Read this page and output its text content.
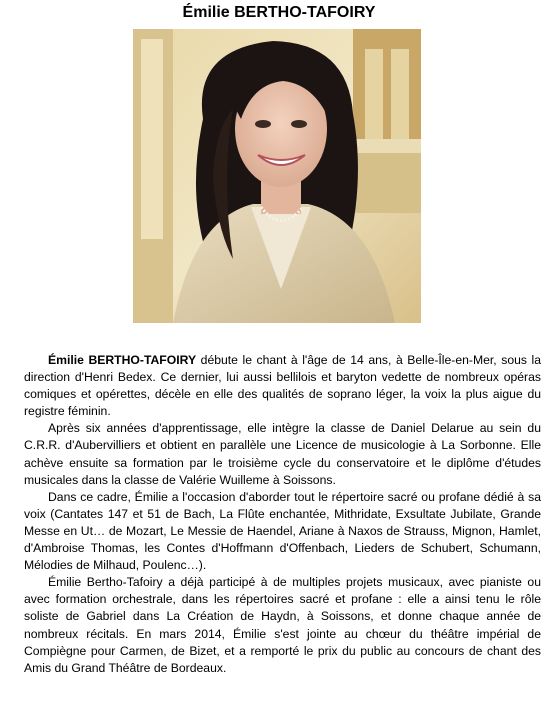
Émilie BERTHO-TAFOIRY

Émilie BERTHO-TAFOIRY débute le chant à l'âge de 14 ans, à Belle-Île-en-Mer, sous la direction d'Henri Bedex. Ce dernier, lui aussi bellilois et baryton vedette de nombreux opéras comiques et opérettes, décèle en elle des qualités de soprano léger, la voix la plus aigue du registre féminin.

Après six années d'apprentissage, elle intègre la classe de Daniel Delarue au sein du C.R.R. d'Aubervilliers et obtient en parallèle une Licence de musicologie à La Sorbonne. Elle achève ensuite sa formation par le troisième cycle du conservatoire et le diplôme d'études musicales dans la classe de Valérie Wuilleme à Soissons.

Dans ce cadre, Émilie a l'occasion d'aborder tout le répertoire sacré ou profane dédié à sa voix (Cantates 147 et 51 de Bach, La Flûte enchantée, Mithridate, Exsultate Jubilate, Grande Messe en Ut… de Mozart, Le Messie de Haendel, Ariane à Naxos de Strauss, Mignon, Hamlet, d'Ambroise Thomas, les Contes d'Hoffmann d'Offenbach, Lieders de Schubert, Schumann, Mélodies de Milhaud, Poulenc…).

Émilie Bertho-Tafoiry a déjà participé à de multiples projets musicaux, avec pianiste ou avec formation orchestrale, dans les répertoires sacré et profane : elle a ainsi tenu le rôle soliste de Gabriel dans La Création de Haydn, à Soissons, et donne chaque année de nombreux récitals. En mars 2014, Émilie s'est jointe au chœur du théâtre impérial de Compiègne pour Carmen, de Bizet, et a remporté le prix du public au concours de chant des Amis du Grand Théâtre de Bordeaux.
